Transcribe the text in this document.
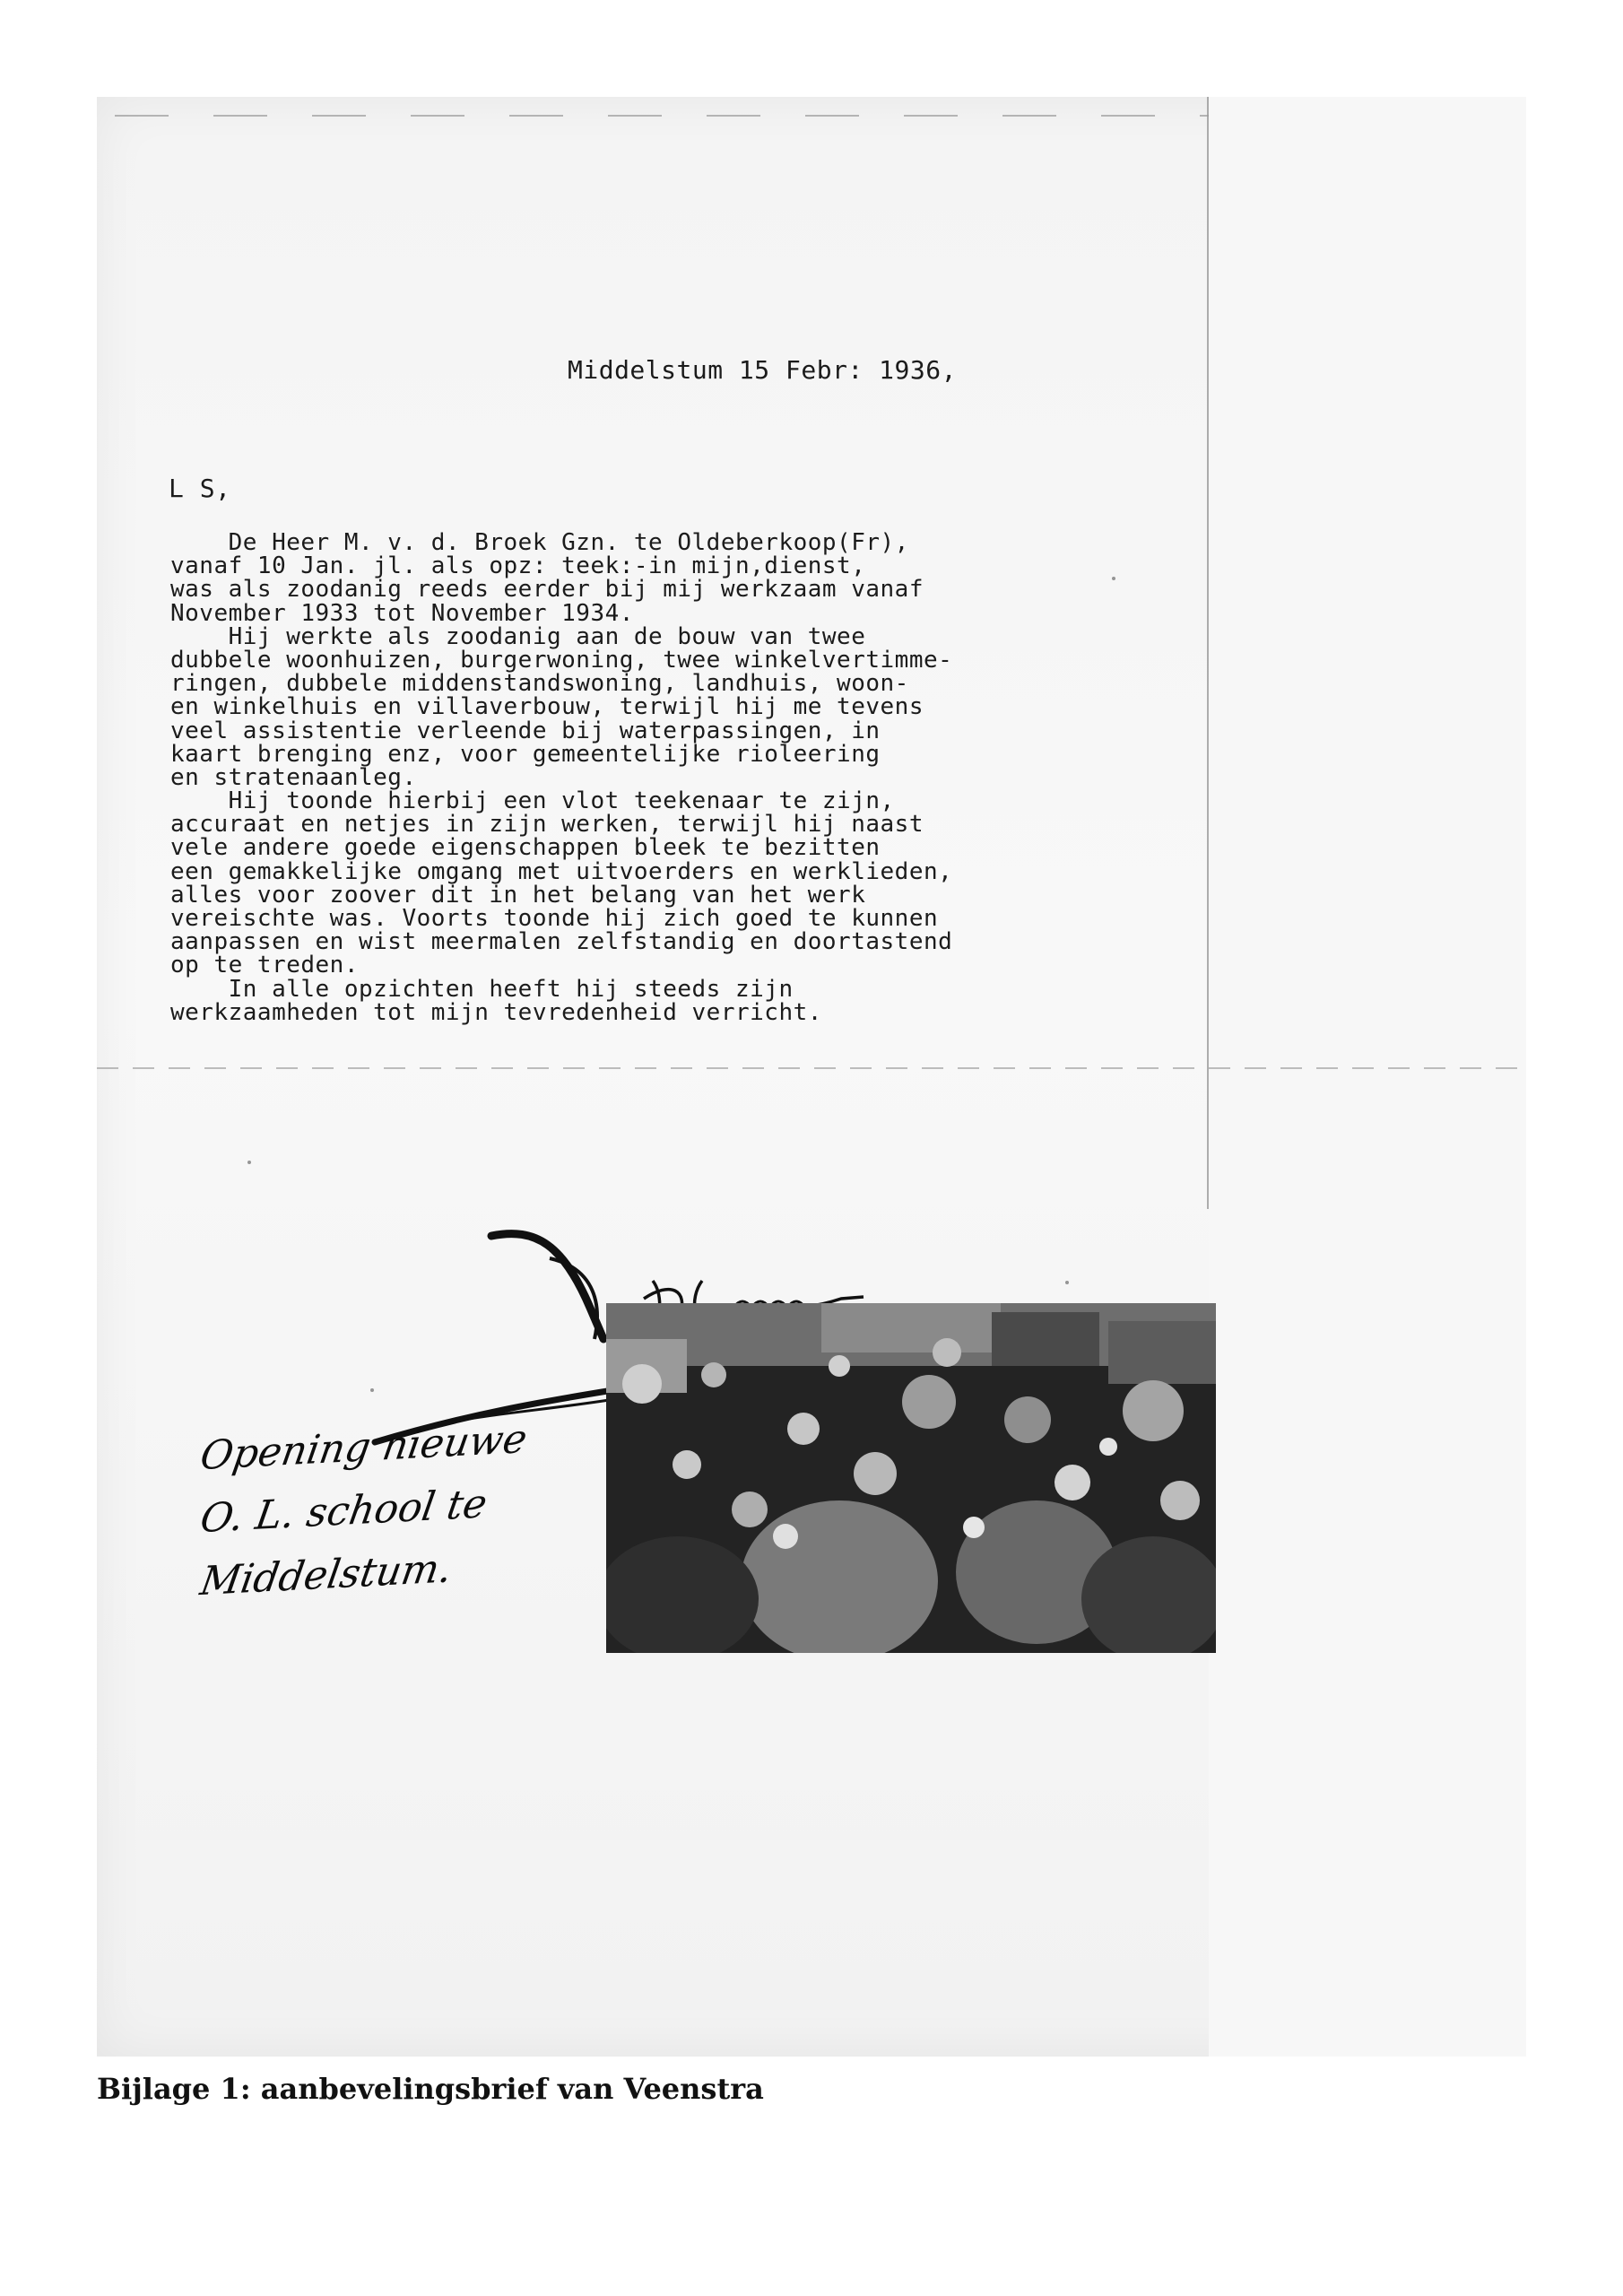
Middelstum 15 Febr: 1936,
L S,
De Heer M. v. d. Broek Gzn. te Oldeberkoop(Fr),
vanaf 10 Jan. jl. als opz: teek:-in mijn,dienst,
was als zoodanig reeds eerder bij mij werkzaam vanaf
November 1933 tot November 1934.
Hij werkte als zoodanig aan de bouw van twee
dubbele woonhuizen, burgerwoning, twee winkelvertimme-
ringen, dubbele middenstandswoning, landhuis, woon-
en winkelhuis en villaverbouw, terwijl hij me tevens
veel assistentie verleende bij waterpassingen, in
kaart brenging enz, voor gemeentelijke rioleering
en stratenaanleg.
Hij toonde hierbij een vlot teekenaar te zijn,
accuraat en netjes in zijn werken, terwijl hij naast
vele andere goede eigenschappen bleek te bezitten
een gemakkelijke omgang met uitvoerders en werklieden,
alles voor zoover dit in het belang van het werk
vereischte was. Voorts toonde hij zich goed te kunnen
aanpassen en wist meermalen zelfstandig en doortastend
op te treden.
In alle opzichten heeft hij steeds zijn
werkzaamheden tot mijn tevredenheid verricht.
Opening nieuwe
O. L. school te
Middelstum.
Bijlage 1: aanbevelingsbrief van Veenstra
